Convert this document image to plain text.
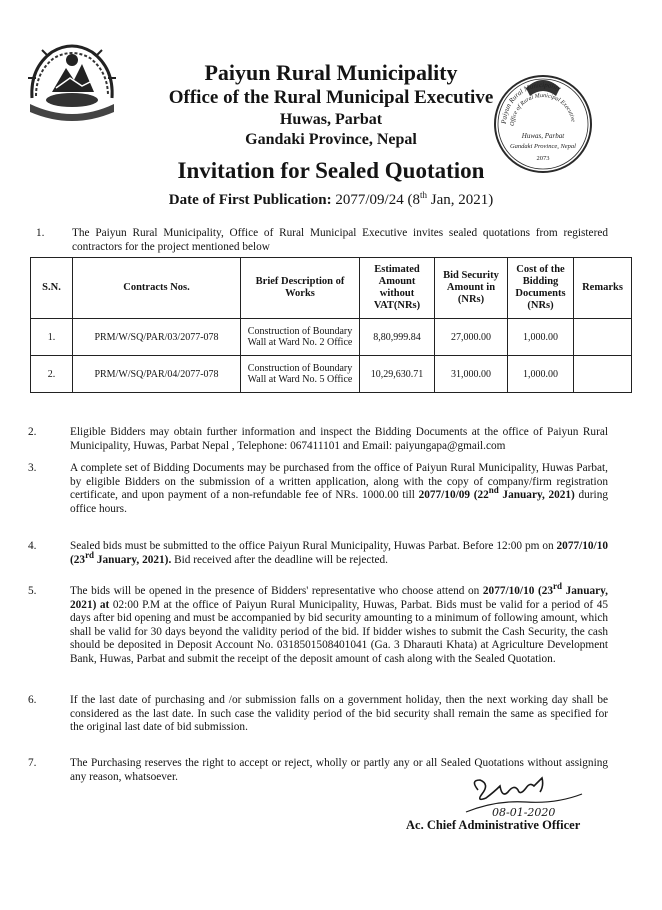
Paiyun Rural Municipality
Office of the Rural Municipal Executive
Huwas, Parbat
Gandaki Province, Nepal
Invitation for Sealed Quotation
Date of First Publication: 2077/09/24 (8th Jan, 2021)
Paiyun Rural Municipality
Office of Rural Municipal Executive
Huwas, Parbat
Gandaki Province, Nepal
2073
1.	The Paiyun Rural Municipality, Office of Rural Municipal Executive invites sealed quotations from registered contractors for the project mentioned below
S.N.	Contracts Nos.	Brief Description of Works	Estimated Amount without VAT(NRs)	Bid Security Amount in (NRs)	Cost of the Bidding Documents (NRs)	Remarks
1.	PRM/W/SQ/PAR/03/2077-078	Construction of Boundary Wall at Ward No. 2 Office	8,80,999.84	27,000.00	1,000.00	
2.	PRM/W/SQ/PAR/04/2077-078	Construction of Boundary Wall at Ward No. 5 Office	10,29,630.71	31,000.00	1,000.00	
2.	Eligible Bidders may obtain further information and inspect the Bidding Documents at the office of Paiyun Rural Municipality, Huwas, Parbat Nepal , Telephone: 067411101 and Email: paiyungapa@gmail.com
3.	A complete set of Bidding Documents may be purchased from the office of Paiyun Rural Municipality, Huwas Parbat, by eligible Bidders on the submission of a written application, along with the copy of company/firm registration certificate, and upon payment of a non-refundable fee of NRs. 1000.00 till 2077/10/09 (22nd January, 2021) during office hours.
4.	Sealed bids must be submitted to the office Paiyun Rural Municipality, Huwas Parbat. Before 12:00 pm on 2077/10/10 (23rd January, 2021). Bid received after the deadline will be rejected.
5.	The bids will be opened in the presence of Bidders' representative who choose attend on 2077/10/10 (23rd January, 2021) at 02:00 P.M at the office of Paiyun Rural Municipality, Huwas, Parbat. Bids must be valid for a period of 45 days after bid opening and must be accompanied by bid security amounting to a minimum of following amount, which shall be valid for 30 days beyond the validity period of the bid. If bidder wishes to submit the Cash Security, the cash should be deposited in Deposit Account No. 0318501508401041 (Ga. 3 Dharauti Khata) at Agriculture Development Bank, Huwas, Parbat and submit the receipt of the deposit amount of cash along with the Sealed Quotation.
6.	If the last date of purchasing and /or submission falls on a government holiday, then the next working day shall be considered as the last date. In such case the validity period of the bid security shall remain the same as specified for the original last date of bid submission.
7.	The Purchasing reserves the right to accept or reject, wholly or partly any or all Sealed Quotations without assigning any reason, whatsoever.
08-01-2020
Ac. Chief Administrative Officer
